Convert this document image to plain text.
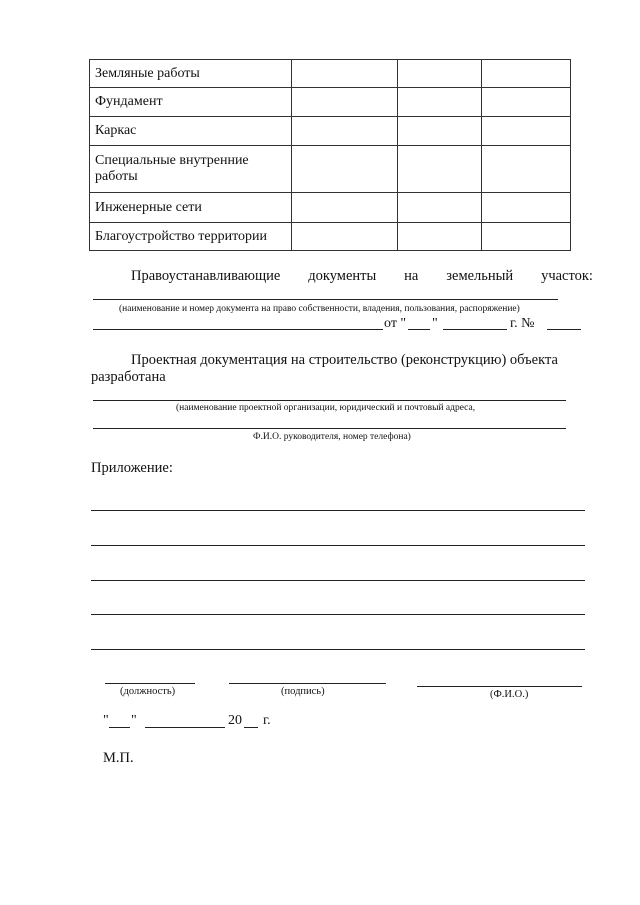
Земляные работы			
Фундамент			
Каркас			
Специальные внутренние работы			
Инженерные сети			
Благоустройство территории			
Правоустанавливающие документы на земельный участок:
(наименование и номер документа на право собственности, владения, пользования, распоряжение)
от " "	г. №
Проектная документация на строительство (реконструкцию) объекта
разработана
(наименование проектной организации, юридический и почтовый адреса,
Ф.И.О. руководителя, номер телефона)
Приложение:
(должность)	(подпись)	(Ф.И.О.)
" "	20 г.
М.П.
